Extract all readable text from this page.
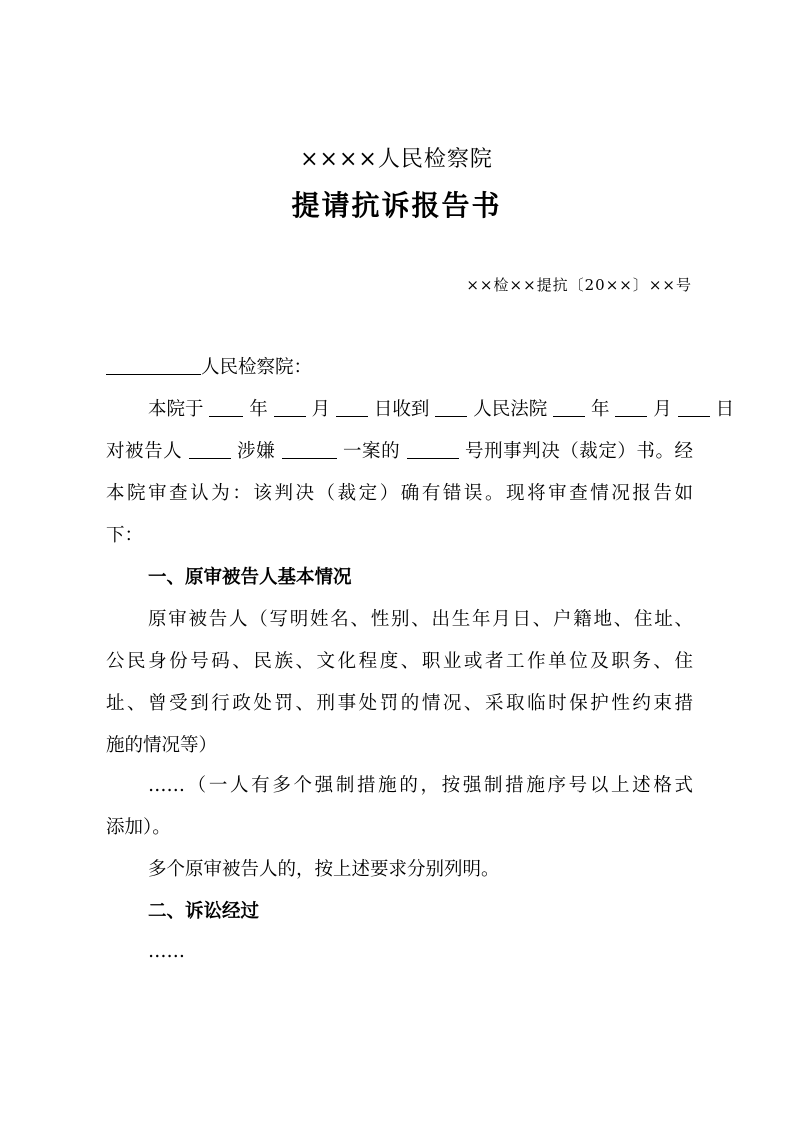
××××人民检察院
提请抗诉报告书
××检××提抗〔20××〕××号
人民检察院：
本院于 年 月 日收到 人民法院 年 月 日
对被告人	涉嫌	一案的	号刑事判决（裁定）书。经
本院审查认为：该判决（裁定）确有错误。现将审查情况报告如
下：
一、原审被告人基本情况
原审被告人（写明姓名、性别、出生年月日、户籍地、住址、
公民身份号码、民族、文化程度、职业或者工作单位及职务、住
址、曾受到行政处罚、刑事处罚的情况、采取临时保护性约束措
施的情况等）
……（一人有多个强制措施的，按强制措施序号以上述格式
添加）。
多个原审被告人的，按上述要求分别列明。
二、诉讼经过
……
